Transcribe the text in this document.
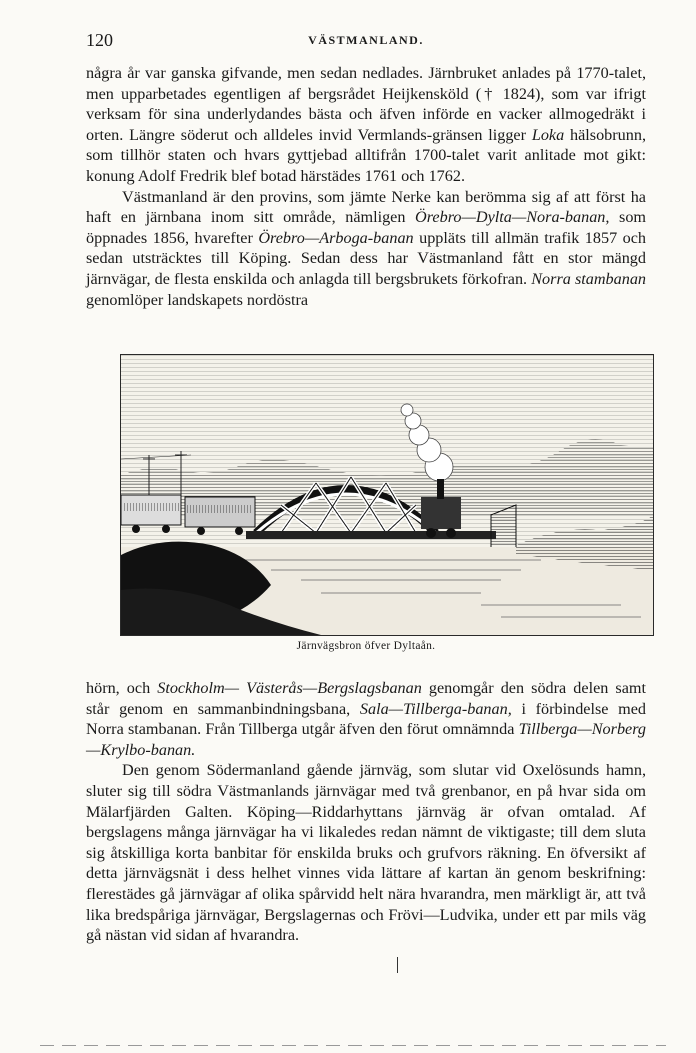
120	VÄSTMANLAND.

några år var ganska gifvande, men sedan nedlades. Järnbruket anlades på 1770-talet, men upparbetades egentligen af bergsrådet Heijkensköld († 1824), som var ifrigt verksam för sina underlydandes bästa och äfven införde en vacker allmogedräkt i orten. Längre söderut och alldeles invid Vermlands-gränsen ligger Loka hälsobrunn, som tillhör staten och hvars gyttjebad alltifrån 1700-talet varit anlitade mot gikt: konung Adolf Fredrik blef botad härstädes 1761 och 1762.

Västmanland är den provins, som jämte Nerke kan berömma sig af att först ha haft en järnbana inom sitt område, nämligen Örebro—Dylta—Nora-banan, som öppnades 1856, hvarefter Örebro—Arboga-banan uppläts till allmän trafik 1857 och sedan utsträcktes till Köping. Sedan dess har Västmanland fått en stor mängd järnvägar, de flesta enskilda och anlagda till bergsbrukets förkofran. Norra stambanan genomlöper landskapets nordöstra

Järnvägsbron öfver Dyltaån.

hörn, och Stockholm— Västerås—Bergslagsbanan genomgår den södra delen samt står genom en sammanbindningsbana, Sala—Tillberga-banan, i förbindelse med Norra stambanan. Från Tillberga utgår äfven den förut omnämnda Tillberga—Norberg—Krylbo-banan.

Den genom Södermanland gående järnväg, som slutar vid Oxelösunds hamn, sluter sig till södra Västmanlands järnvägar med två grenbanor, en på hvar sida om Mälarfjärden Galten. Köping—Riddarhyttans järnväg är ofvan omtalad. Af bergslagens många järnvägar ha vi likaledes redan nämnt de viktigaste; till dem sluta sig åtskilliga korta banbitar för enskilda bruks och grufvors räkning. En öfversikt af detta järnvägsnät i dess helhet vinnes vida lättare af kartan än genom beskrifning: flerestädes gå järnvägar af olika spårvidd helt nära hvarandra, men märkligt är, att två lika bredspåriga järnvägar, Bergslagernas och Frövi—Ludvika, under ett par mils väg gå nästan vid sidan af hvarandra.
